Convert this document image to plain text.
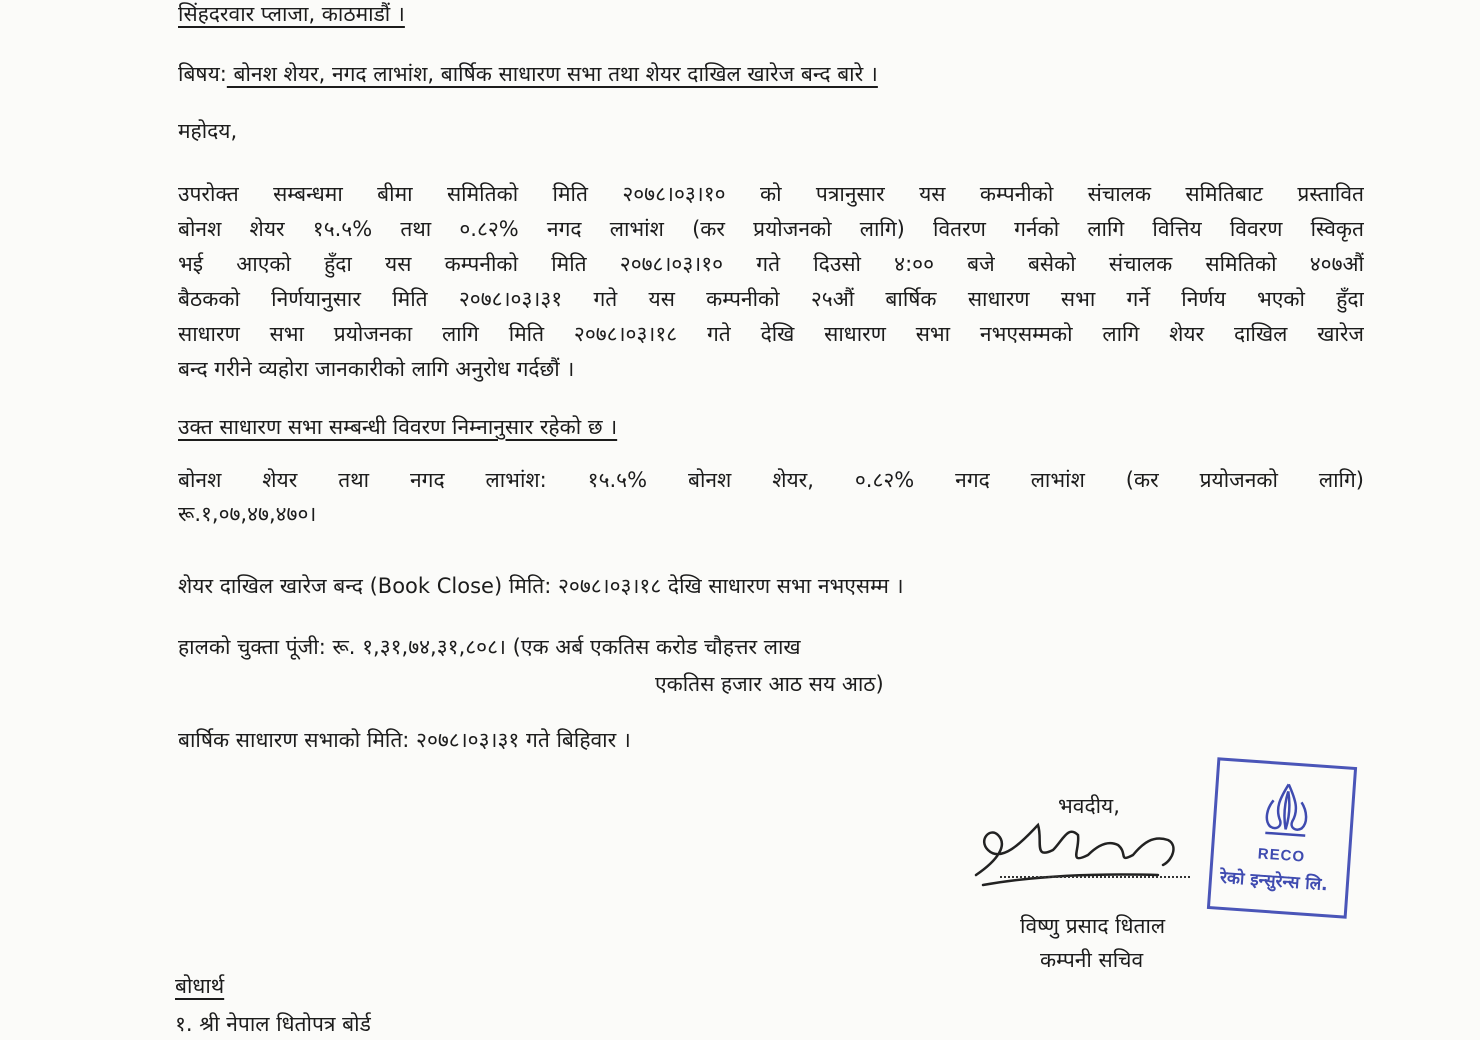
सिंहदरवार प्लाजा, काठमाडौं ।
बिषय: बोनश शेयर, नगद लाभांश, बार्षिक साधारण सभा तथा शेयर दाखिल खारेज बन्द बारे ।
महोदय,
उपरोक्त सम्बन्धमा बीमा समितिको मिति २०७८।०३।१० को पत्रानुसार यस कम्पनीको संचालक समितिबाट प्रस्तावित
बोनश शेयर १५.५% तथा ०.८२% नगद लाभांश (कर प्रयोजनको लागि) वितरण गर्नको लागि वित्तिय विवरण स्विकृत
भई आएको हुँदा यस कम्पनीको मिति २०७८।०३।१० गते दिउसो ४:०० बजे बसेको संचालक समितिको ४०७औं
बैठकको निर्णयानुसार मिति २०७८।०३।३१ गते यस कम्पनीको २५औं बार्षिक साधारण सभा गर्ने निर्णय भएको हुँदा
साधारण सभा प्रयोजनका लागि मिति २०७८।०३।१८ गते देखि साधारण सभा नभएसम्मको लागि शेयर दाखिल खारेज
बन्द गरीने व्यहोरा जानकारीको लागि अनुरोध गर्दछौं ।
उक्त साधारण सभा सम्बन्धी विवरण निम्नानुसार रहेको छ ।
बोनश शेयर तथा नगद लाभांश: १५.५% बोनश शेयर, ०.८२% नगद लाभांश (कर प्रयोजनको लागि)
रू.१,०७,४७,४७०।
शेयर दाखिल खारेज बन्द (Book Close) मिति: २०७८।०३।१८ देखि साधारण सभा नभएसम्म ।
हालको चुक्ता पूंजी: रू. १,३१,७४,३१,८०८। (एक अर्ब एकतिस करोड चौहत्तर लाख
एकतिस हजार आठ सय आठ)
बार्षिक साधारण सभाको मिति: २०७८।०३।३१ गते बिहिवार ।
भवदीय,
RECO
रेको इन्सुरेन्स लि.
विष्णु प्रसाद धिताल
कम्पनी सचिव
बोधार्थ
१. श्री नेपाल धितोपत्र बोर्ड
